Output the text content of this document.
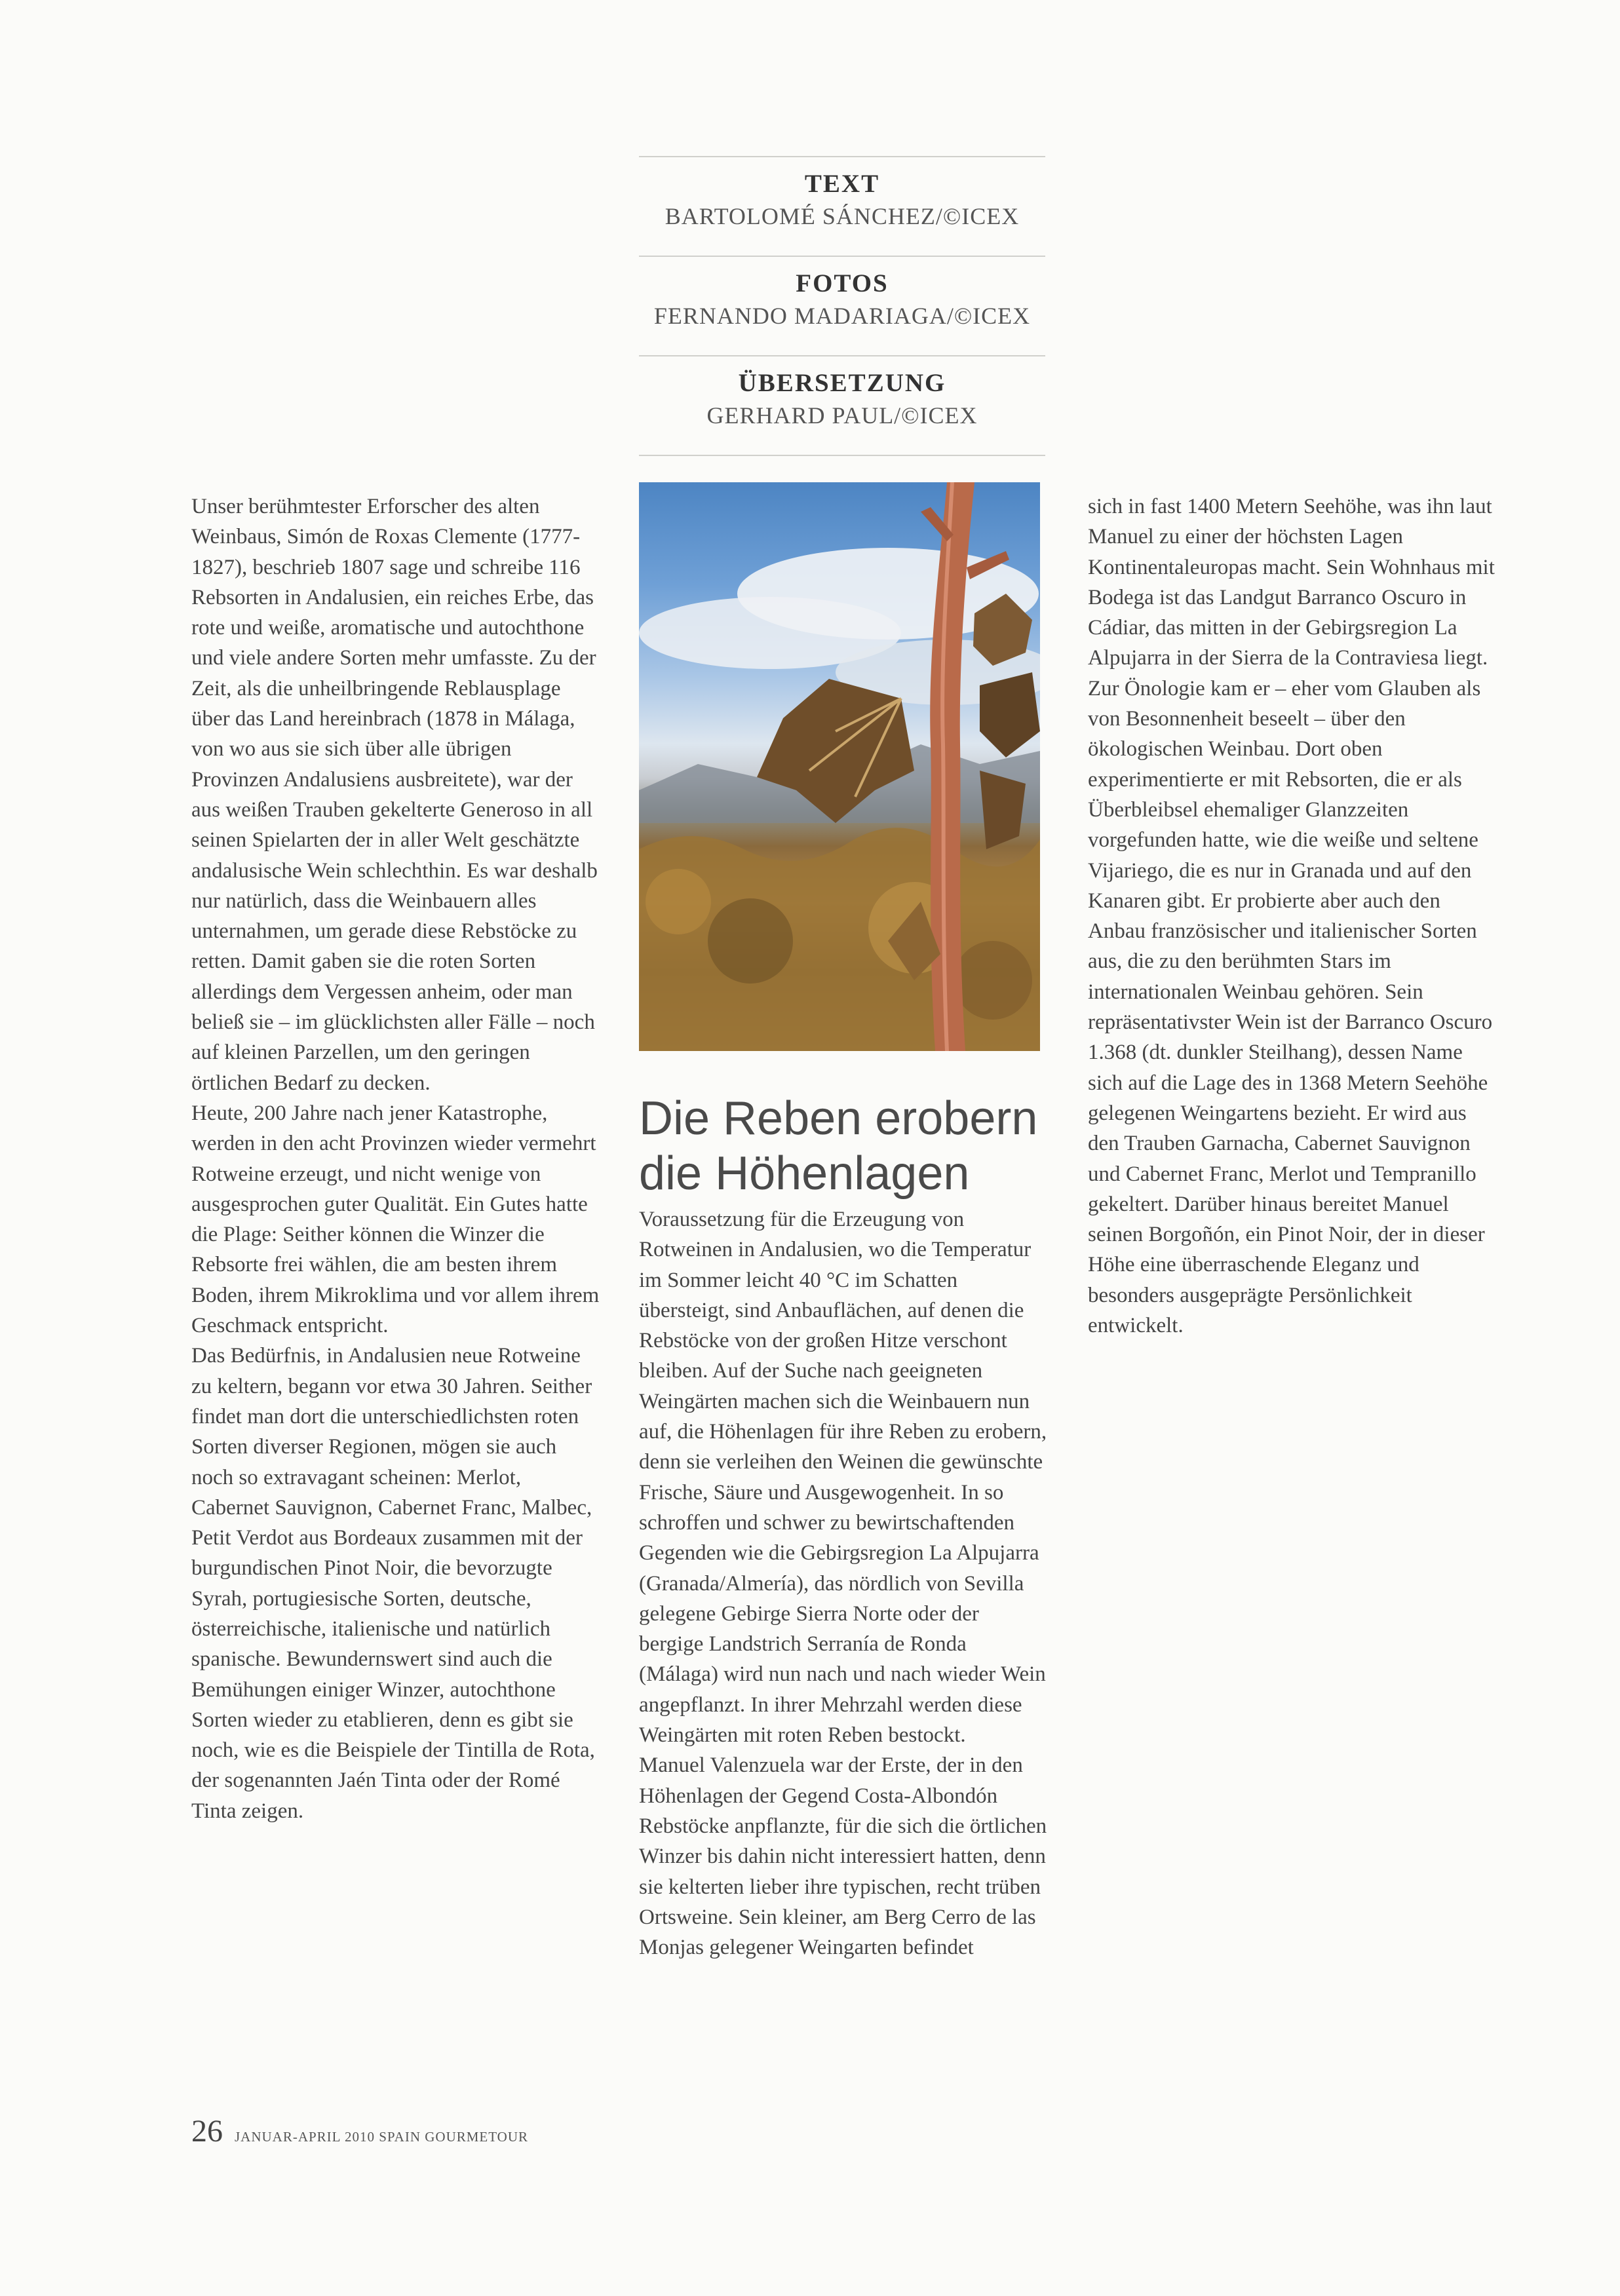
TEXT
BARTOLOMÉ SÁNCHEZ/©ICEX
FOTOS
FERNANDO MADARIAGA/©ICEX
ÜBERSETZUNG
GERHARD PAUL/©ICEX

Unser berühmtester Erforscher des alten Weinbaus, Simón de Roxas Clemente (1777-1827), beschrieb 1807 sage und schreibe 116 Rebsorten in Andalusien, ein reiches Erbe, das rote und weiße, aromatische und autochthone und viele andere Sorten mehr umfasste. Zu der Zeit, als die unheilbringende Reblausplage über das Land hereinbrach (1878 in Málaga, von wo aus sie sich über alle übrigen Provinzen Andalusiens ausbreitete), war der aus weißen Trauben gekelterte Generoso in all seinen Spielarten der in aller Welt geschätzte andalusische Wein schlechthin. Es war deshalb nur natürlich, dass die Weinbauern alles unternahmen, um gerade diese Rebstöcke zu retten. Damit gaben sie die roten Sorten allerdings dem Vergessen anheim, oder man beließ sie – im glücklichsten aller Fälle – noch auf kleinen Parzellen, um den geringen örtlichen Bedarf zu decken.

Heute, 200 Jahre nach jener Katastrophe, werden in den acht Provinzen wieder vermehrt Rotweine erzeugt, und nicht wenige von ausgesprochen guter Qualität. Ein Gutes hatte die Plage: Seither können die Winzer die Rebsorte frei wählen, die am besten ihrem Boden, ihrem Mikroklima und vor allem ihrem Geschmack entspricht.

Das Bedürfnis, in Andalusien neue Rotweine zu keltern, begann vor etwa 30 Jahren. Seither findet man dort die unterschiedlichsten roten Sorten diverser Regionen, mögen sie auch noch so extravagant scheinen: Merlot, Cabernet Sauvignon, Cabernet Franc, Malbec, Petit Verdot aus Bordeaux zusammen mit der burgundischen Pinot Noir, die bevorzugte Syrah, portugiesische Sorten, deutsche, österreichische, italienische und natürlich spanische. Bewundernswert sind auch die Bemühungen einiger Winzer, autochthone Sorten wieder zu etablieren, denn es gibt sie noch, wie es die Beispiele der Tintilla de Rota, der sogenannten Jaén Tinta oder der Romé Tinta zeigen.

Die Reben erobern die Höhenlagen

Voraussetzung für die Erzeugung von Rotweinen in Andalusien, wo die Temperatur im Sommer leicht 40 °C im Schatten übersteigt, sind Anbauflächen, auf denen die Rebstöcke von der großen Hitze verschont bleiben. Auf der Suche nach geeigneten Weingärten machen sich die Weinbauern nun auf, die Höhenlagen für ihre Reben zu erobern, denn sie verleihen den Weinen die gewünschte Frische, Säure und Ausgewogenheit. In so schroffen und schwer zu bewirtschaftenden Gegenden wie die Gebirgsregion La Alpujarra (Granada/Almería), das nördlich von Sevilla gelegene Gebirge Sierra Norte oder der bergige Landstrich Serranía de Ronda (Málaga) wird nun nach und nach wieder Wein angepflanzt. In ihrer Mehrzahl werden diese Weingärten mit roten Reben bestockt.

Manuel Valenzuela war der Erste, der in den Höhenlagen der Gegend Costa-Albondón Rebstöcke anpflanzte, für die sich die örtlichen Winzer bis dahin nicht interessiert hatten, denn sie kelterten lieber ihre typischen, recht trüben Ortsweine. Sein kleiner, am Berg Cerro de las Monjas gelegener Weingarten befindet

sich in fast 1400 Metern Seehöhe, was ihn laut Manuel zu einer der höchsten Lagen Kontinentaleuropas macht. Sein Wohnhaus mit Bodega ist das Landgut Barranco Oscuro in Cádiar, das mitten in der Gebirgsregion La Alpujarra in der Sierra de la Contraviesa liegt. Zur Önologie kam er – eher vom Glauben als von Besonnenheit beseelt – über den ökologischen Weinbau. Dort oben experimentierte er mit Rebsorten, die er als Überbleibsel ehemaliger Glanzzeiten vorgefunden hatte, wie die weiße und seltene Vijariego, die es nur in Granada und auf den Kanaren gibt. Er probierte aber auch den Anbau französischer und italienischer Sorten aus, die zu den berühmten Stars im internationalen Weinbau gehören. Sein repräsentativster Wein ist der Barranco Oscuro 1.368 (dt. dunkler Steilhang), dessen Name sich auf die Lage des in 1368 Metern Seehöhe gelegenen Weingartens bezieht. Er wird aus den Trauben Garnacha, Cabernet Sauvignon und Cabernet Franc, Merlot und Tempranillo gekeltert. Darüber hinaus bereitet Manuel seinen Borgoñón, ein Pinot Noir, der in dieser Höhe eine überraschende Eleganz und besonders ausgeprägte Persönlichkeit entwickelt.

26 JANUAR-APRIL 2010 SPAIN GOURMETOUR
